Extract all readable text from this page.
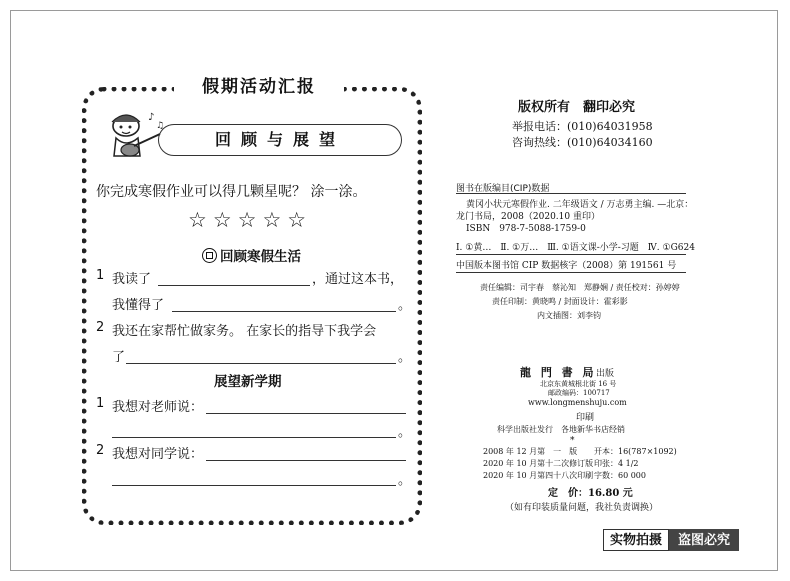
假期活动汇报
♪
♫
回顾与展望
你完成寒假作业可以得几颗星呢？ 涂一涂。
☆☆☆☆☆
回顾寒假生活
1 我读了	，通过这本书，
我懂得了	。
2 我还在家帮忙做家务。 在家长的指导下我学会
了	。
展望新学期
1 我想对老师说：
。
2 我想对同学说：
。
版权所有　翻印必究
举报电话：(010)64031958
咨询热线：(010)64034160
图书在版编目(CIP)数据
黄冈小状元寒假作业. 二年级语文 / 万志勇主编. —北京：
龙门书局，2008（2020.10 重印）
ISBN　978-7-5088-1759-0
Ⅰ. ①黄…　Ⅱ. ①万…　Ⅲ. ①语文课-小学-习题　Ⅳ. ①G624
中国版本图书馆 CIP 数据核字（2008）第 191561 号
责任编辑：司宇春　蔡沁知　郑静娴 / 责任校对：孙婷婷
责任印制：黄晓鸣 / 封面设计：霍彩影
内文插图：刘李钧
龍 門 書 局 出版
北京东黄城根北街 16 号
邮政编码：100717
www.longmenshuju.com
印刷
科学出版社发行　各地新华书店经销
*
2008 年 12 月第　一　版 开本：16(787×1092)
2020 年 10 月第十二次修订版 印张：4 1/2
2020 年 10 月第四十八次印刷 字数：60 000
定　价：16.80 元
（如有印装质量问题，我社负责调换）
实物拍摄	盗图必究
